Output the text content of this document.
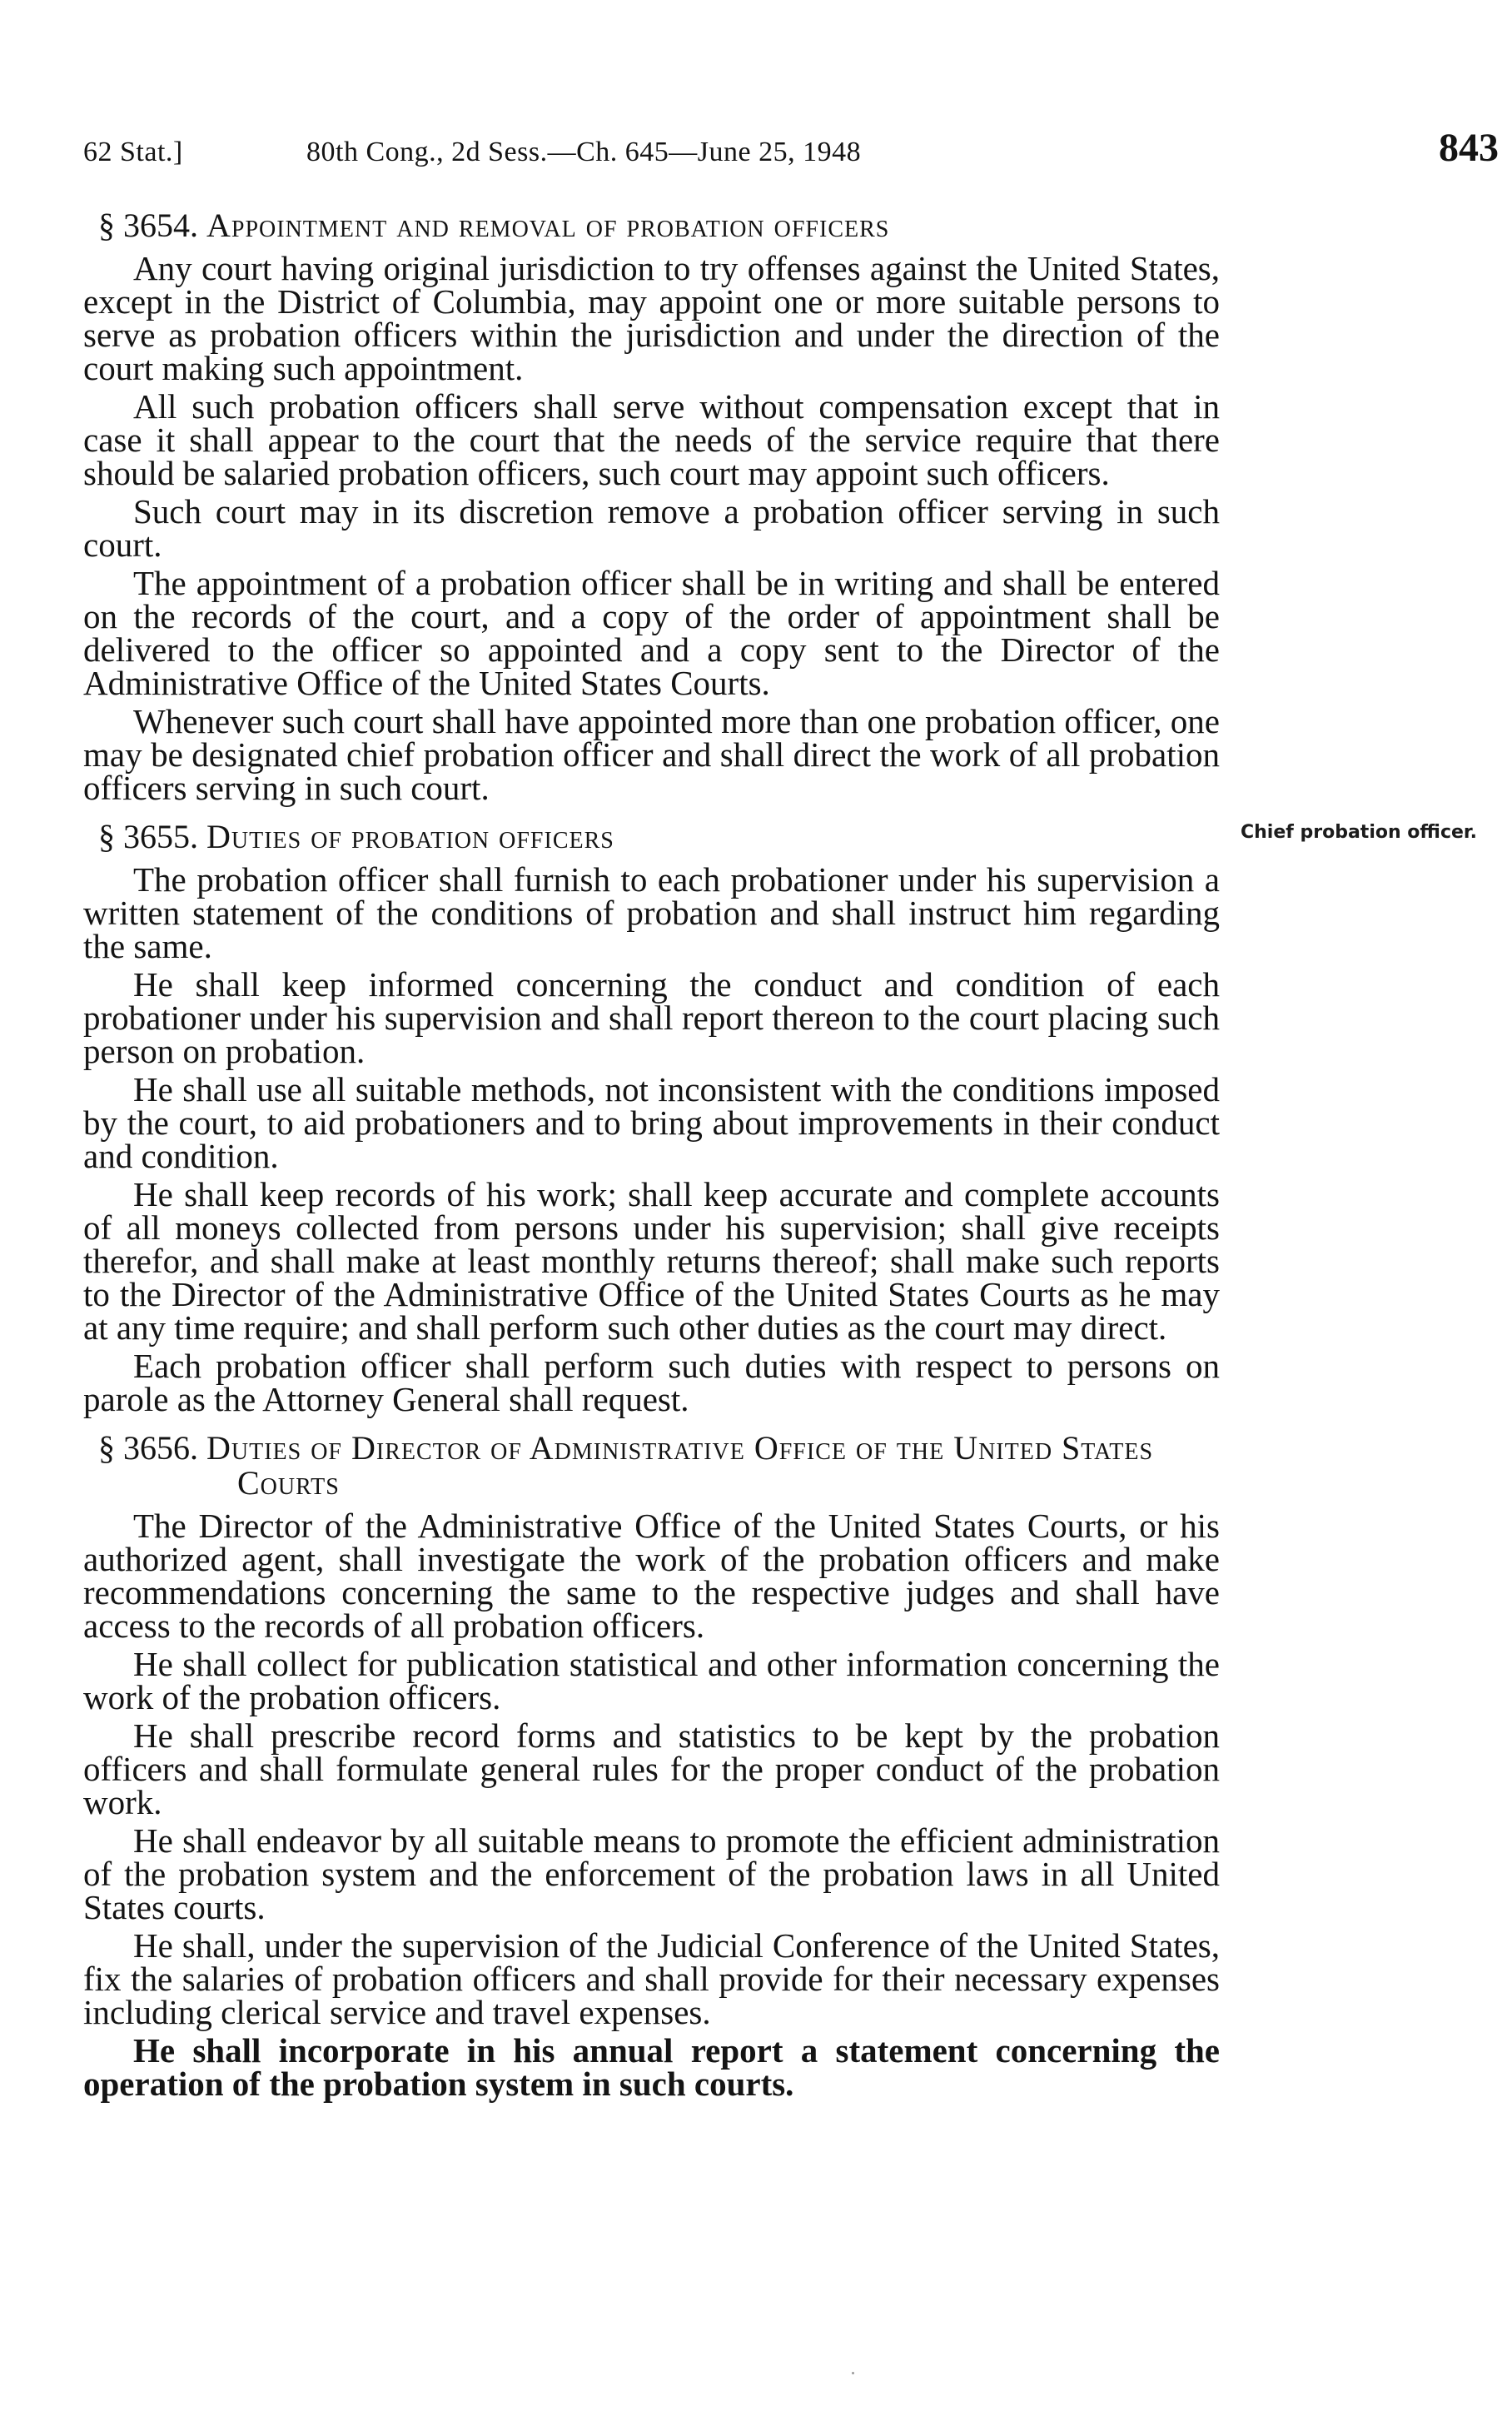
62 Stat.]	80th Cong., 2d Sess.—Ch. 645—June 25, 1948	843
§ 3654. Appointment and removal of probation officers

Any court having original jurisdiction to try offenses against the United States, except in the District of Columbia, may appoint one or more suitable persons to serve as probation officers within the jurisdiction and under the direction of the court making such appointment.

All such probation officers shall serve without compensation except that in case it shall appear to the court that the needs of the service require that there should be salaried probation officers, such court may appoint such officers.

Such court may in its discretion remove a probation officer serving in such court.

The appointment of a probation officer shall be in writing and shall be entered on the records of the court, and a copy of the order of appointment shall be delivered to the officer so appointed and a copy sent to the Director of the Administrative Office of the United States Courts.

Whenever such court shall have appointed more than one probation officer, one may be designated chief probation officer and shall direct the work of all probation officers serving in such court.

§ 3655. Duties of probation officers

The probation officer shall furnish to each probationer under his supervision a written statement of the conditions of probation and shall instruct him regarding the same.

He shall keep informed concerning the conduct and condition of each probationer under his supervision and shall report thereon to the court placing such person on probation.

He shall use all suitable methods, not inconsistent with the conditions imposed by the court, to aid probationers and to bring about improvements in their conduct and condition.

He shall keep records of his work; shall keep accurate and complete accounts of all moneys collected from persons under his supervision; shall give receipts therefor, and shall make at least monthly returns thereof; shall make such reports to the Director of the Administrative Office of the United States Courts as he may at any time require; and shall perform such other duties as the court may direct.

Each probation officer shall perform such duties with respect to persons on parole as the Attorney General shall request.

§ 3656. Duties of Director of Administrative Office of the United States Courts

The Director of the Administrative Office of the United States Courts, or his authorized agent, shall investigate the work of the probation officers and make recommendations concerning the same to the respective judges and shall have access to the records of all probation officers.

He shall collect for publication statistical and other information concerning the work of the probation officers.

He shall prescribe record forms and statistics to be kept by the probation officers and shall formulate general rules for the proper conduct of the probation work.

He shall endeavor by all suitable means to promote the efficient administration of the probation system and the enforcement of the probation laws in all United States courts.

He shall, under the supervision of the Judicial Conference of the United States, fix the salaries of probation officers and shall provide for their necessary expenses including clerical service and travel expenses.

He shall incorporate in his annual report a statement concerning the operation of the probation system in such courts.

Chief probation officer.
